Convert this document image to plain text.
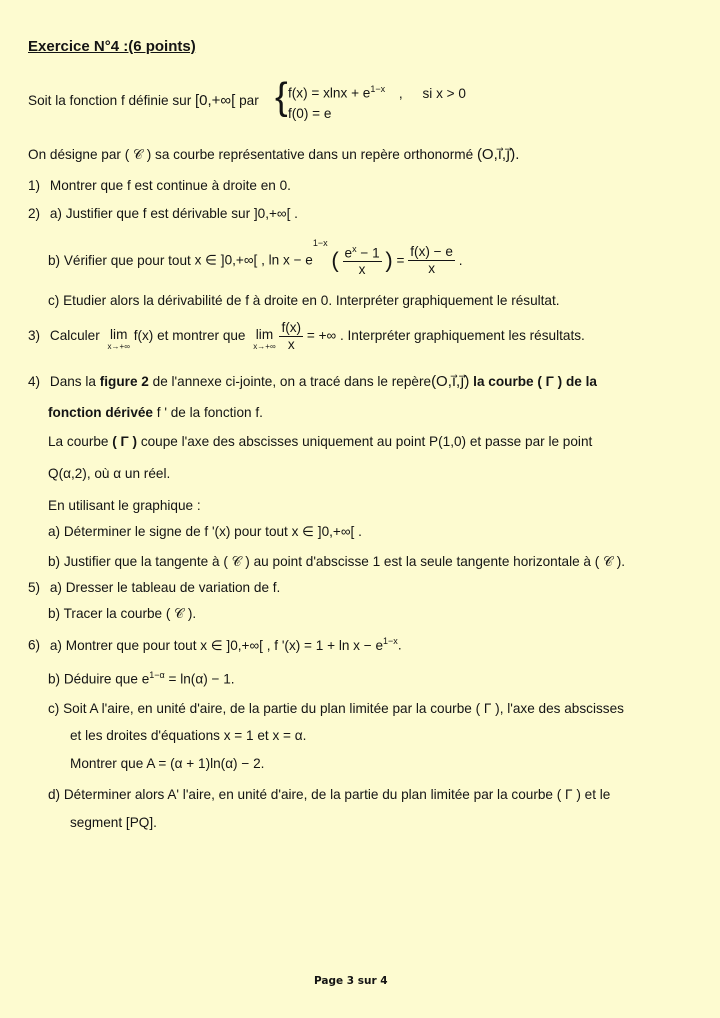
Exercice N°4 :(6 points)
Soit la fonction f définie sur [0,+∞[ par { $f(x) = xlnx + e^{1-x}$ , si x > 0
f(0) = e
On désigne par ( 𝒞 ) sa courbe représentative dans un repère orthonormé (O,i⃗,j⃗).
1) Montrer que f est continue à droite en 0.
2) a) Justifier que f est dérivable sur ]0,+∞[ .
b) Vérifier que pour tout x ∈ ]0,+∞[ , $\ln x - e^{1-x}$ ( $\frac{e^x - 1}{x}$ ) = $\frac{f(x) - e}{x}$ .
c) Etudier alors la dérivabilité de f à droite en 0. Interpréter graphiquement le résultat.
3) Calculer lim
x→+∞
f(x) et montrer que lim
x→+∞
$\frac{f(x)}{x}$ = +∞ . Interpréter graphiquement les résultats.
4) Dans la figure 2 de l'annexe ci-jointe, on a tracé dans le repère(O,i⃗,j⃗) la courbe ( Γ ) de la
fonction dérivée f ' de la fonction f.
La courbe ( Γ ) coupe l'axe des abscisses uniquement au point P(1,0) et passe par le point
Q(α,2), où α un réel.
En utilisant le graphique :
a) Déterminer le signe de f '(x) pour tout x ∈ ]0,+∞[ .
b) Justifier que la tangente à ( 𝒞 ) au point d'abscisse 1 est la seule tangente horizontale à ( 𝒞 ).
5) a) Dresser le tableau de variation de f.
b) Tracer la courbe ( 𝒞 ).
6) a) Montrer que pour tout x ∈ ]0,+∞[ , f '$(x) = 1 + \ln x - e^{1-x}$.
b) Déduire que $e^{1-\alpha} = \ln(\alpha) - 1$.
c) Soit A l'aire, en unité d'aire, de la partie du plan limitée par la courbe ( Γ ), l'axe des abscisses
et les droites d'équations x = 1 et x = α.
Montrer que A = (α + 1)ln(α) − 2.
d) Déterminer alors A' l'aire, en unité d'aire, de la partie du plan limitée par la courbe ( Γ ) et le
segment [PQ].
Page 3 sur 4
